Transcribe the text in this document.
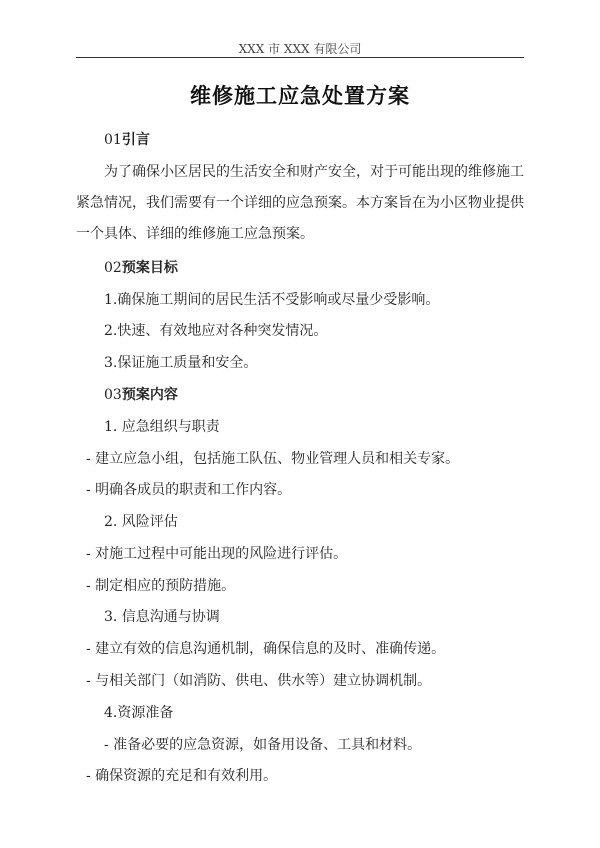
XXX 市 XXX 有限公司
维修施工应急处置方案
01引言
为了确保小区居民的生活安全和财产安全，对于可能出现的维修施工
紧急情况，我们需要有一个详细的应急预案。本方案旨在为小区物业提供
一个具体、详细的维修施工应急预案。
02预案目标
1.确保施工期间的居民生活不受影响或尽量少受影响。
2.快速、有效地应对各种突发情况。
3.保证施工质量和安全。
03预案内容
1. 应急组织与职责
- 建立应急小组，包括施工队伍、物业管理人员和相关专家。
- 明确各成员的职责和工作内容。
2. 风险评估
- 对施工过程中可能出现的风险进行评估。
- 制定相应的预防措施。
3. 信息沟通与协调
- 建立有效的信息沟通机制，确保信息的及时、准确传递。
- 与相关部门（如消防、供电、供水等）建立协调机制。
4.资源准备
- 准备必要的应急资源，如备用设备、工具和材料。
- 确保资源的充足和有效利用。
